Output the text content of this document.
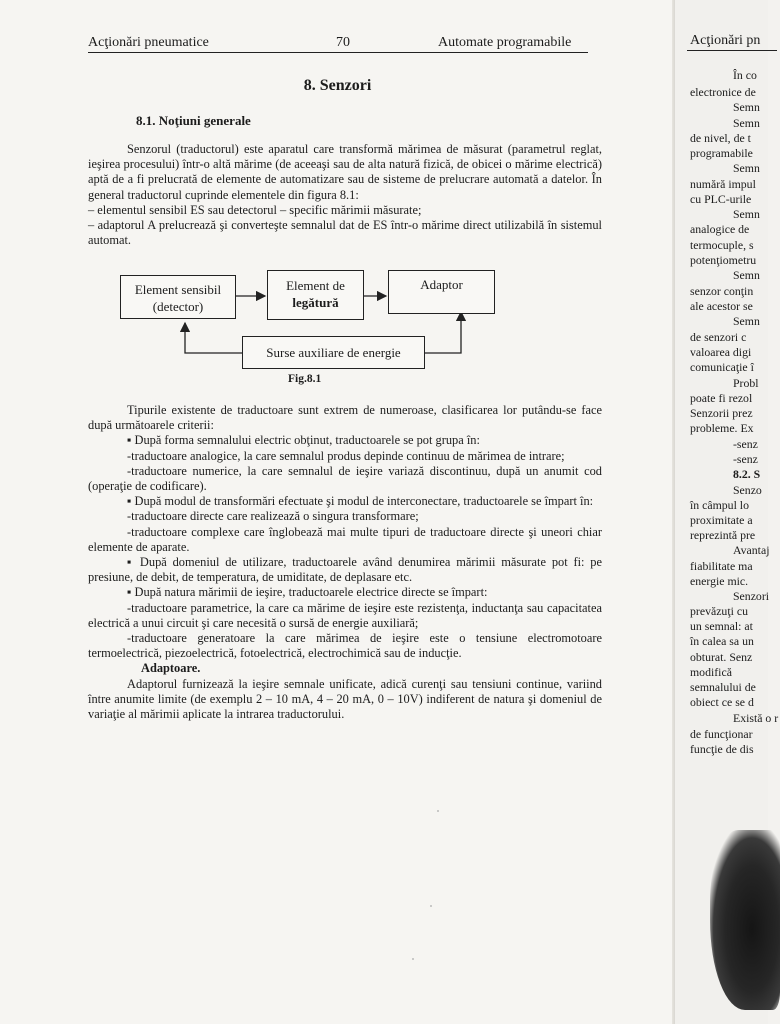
Acţionări pneumatice	70	Automate programabile
8. Senzori
8.1. Noţiuni generale

Senzorul (traductorul) este aparatul care transformă mărimea de măsurat (parametrul reglat, ieşirea procesului) într-o altă mărime (de aceeaşi sau de alta natură fizică, de obicei o mărime electrică) aptă de a fi prelucrată de elemente de automatizare sau de sisteme de prelucrare automată a datelor. În general traductorul cuprinde elementele din figura 8.1:

– elementul sensibil ES sau detectorul – specific mărimii măsurate;

– adaptorul A prelucrează şi converteşte semnalul dat de ES într-o mărime direct utilizabilă în sistemul automat.

Element sensibil
(detector)
Element de
legătură
Adaptor
Surse auxiliare de energie
Fig.8.1

Tipurile existente de traductoare sunt extrem de numeroase, clasificarea lor putându-se face după următoarele criterii:

▪ După forma semnalului electric obţinut, traductoarele se pot grupa în:

-traductoare analogice, la care semnalul produs depinde continuu de mărimea de intrare;

-traductoare numerice, la care semnalul de ieşire variază discontinuu, după un anumit cod (operaţie de codificare).

▪ După modul de transformări efectuate şi modul de interconectare, traductoarele se împart în:

-traductoare directe care realizează o singura transformare;

-traductoare complexe care înglobează mai multe tipuri de traductoare directe şi uneori chiar elemente de aparate.

▪ După domeniul de utilizare, traductoarele având denumirea mărimii măsurate pot fi: pe presiune, de debit, de temperatura, de umiditate, de deplasare etc.

▪ După natura mărimii de ieşire, traductoarele electrice directe se împart:

-traductoare parametrice, la care ca mărime de ieşire este rezistenţa, inductanţa sau capacitatea electrică a unui circuit şi care necesită o sursă de energie auxiliară;

-traductoare generatoare la care mărimea de ieşire este o tensiune electromotoare termoelectrică, piezoelectrică, fotoelectrică, electrochimică sau de inducţie.

Adaptoare.

Adaptorul furnizează la ieşire semnale unificate, adică curenţi sau tensiuni continue, variind între anumite limite (de exemplu 2 – 10 mA, 4 – 20 mA, 0 – 10V) indiferent de natura şi domeniul de variaţie al mărimii aplicate la intrarea traductorului.

Acţionări pn
În co
electronice de
Semn
Semn
de nivel, de t
programabile
Semn
numără impul
cu PLC-urile
Semn
analogice de
termocuple, s
potenţiometru
Semn
senzor conţin
ale acestor se
Semn
de senzori c
valoarea digi
comunicaţie î
Probl
poate fi rezol
Senzorii prez
probleme. Ex
-senz
-senz
8.2. S
Senzo
în câmpul lo
proximitate a
reprezintă pre
Avantaj
fiabilitate ma
energie mic.
Senzori
prevăzuţi cu
un semnal: at
în calea sa un
obturat. Senz
modifică
semnalului de
obiect ce se d
Există o r
de funcţionar
funcţie de dis
